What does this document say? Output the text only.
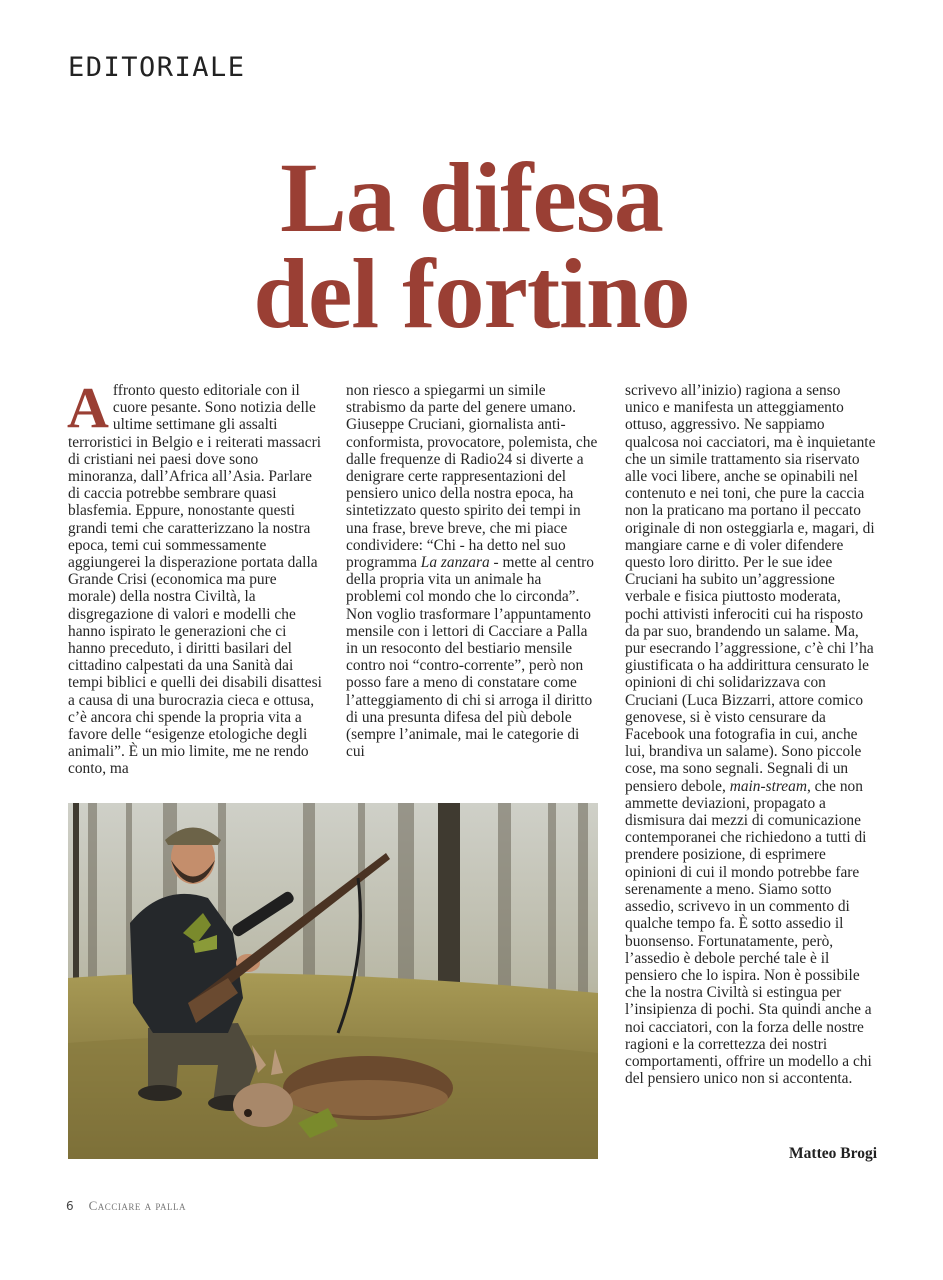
EDITORIALE
La difesa
del fortino

Affronto questo editoriale con il cuore pesante. Sono notizia delle ultime settimane gli assalti terroristici in Belgio e i reiterati massacri di cristiani nei paesi dove sono minoranza, dall’Africa all’Asia. Parlare di caccia potrebbe sembrare quasi blasfemia. Eppure, nonostante questi grandi temi che caratterizzano la nostra epoca, temi cui sommessamente aggiungerei la disperazione portata dalla Grande Crisi (economica ma pure morale) della nostra Civiltà, la disgregazione di valori e modelli che hanno ispirato le generazioni che ci hanno preceduto, i diritti basilari del cittadino calpestati da una Sanità dai tempi biblici e quelli dei disabili disattesi a causa di una burocrazia cieca e ottusa, c’è ancora chi spende la propria vita a favore delle “esigenze etologiche degli animali”. È un mio limite, me ne rendo conto, ma

non riesco a spiegarmi un simile strabismo da parte del genere umano.

Giuseppe Cruciani, giornalista anti-conformista, provocatore, polemista, che dalle frequenze di Radio24 si diverte a denigrare certe rappresentazioni del pensiero unico della nostra epoca, ha sintetizzato questo spirito dei tempi in una frase, breve breve, che mi piace condividere: “Chi - ha detto nel suo programma La zanzara - mette al centro della propria vita un animale ha problemi col mondo che lo circonda”.

Non voglio trasformare l’appuntamento mensile con i lettori di Cacciare a Palla in un resoconto del bestiario mensile contro noi “contro-corrente”, però non posso fare a meno di constatare come l’atteggiamento di chi si arroga il diritto di una presunta difesa del più debole (sempre l’animale, mai le categorie di cui

scrivevo all’inizio) ragiona a senso unico e manifesta un atteggiamento ottuso, aggressivo. Ne sappiamo qualcosa noi cacciatori, ma è inquietante che un simile trattamento sia riservato alle voci libere, anche se opinabili nel contenuto e nei toni, che pure la caccia non la praticano ma portano il peccato originale di non osteggiarla e, magari, di mangiare carne e di voler difendere questo loro diritto. Per le sue idee Cruciani ha subito un’aggressione verbale e fisica piuttosto moderata, pochi attivisti inferociti cui ha risposto da par suo, brandendo un salame. Ma, pur esecrando l’aggressione, c’è chi l’ha giustificata o ha addirittura censurato le opinioni di chi solidarizzava con Cruciani (Luca Bizzarri, attore comico genovese, si è visto censurare da Facebook una fotografia in cui, anche lui, brandiva un salame). Sono piccole cose, ma sono segnali. Segnali di un pensiero debole, main-stream, che non ammette deviazioni, propagato a dismisura dai mezzi di comunicazione contemporanei che richiedono a tutti di prendere posizione, di esprimere opinioni di cui il mondo potrebbe fare serenamente a meno. Siamo sotto assedio, scrivevo in un commento di qualche tempo fa. È sotto assedio il buonsenso. Fortunatamente, però, l’assedio è debole perché tale è il pensiero che lo ispira. Non è possibile che la nostra Civiltà si estingua per l’insipienza di pochi. Sta quindi anche a noi cacciatori, con la forza delle nostre ragioni e la correttezza dei nostri comportamenti, offrire un modello a chi del pensiero unico non si accontenta.

Matteo Brogi
6 Cacciare a palla
